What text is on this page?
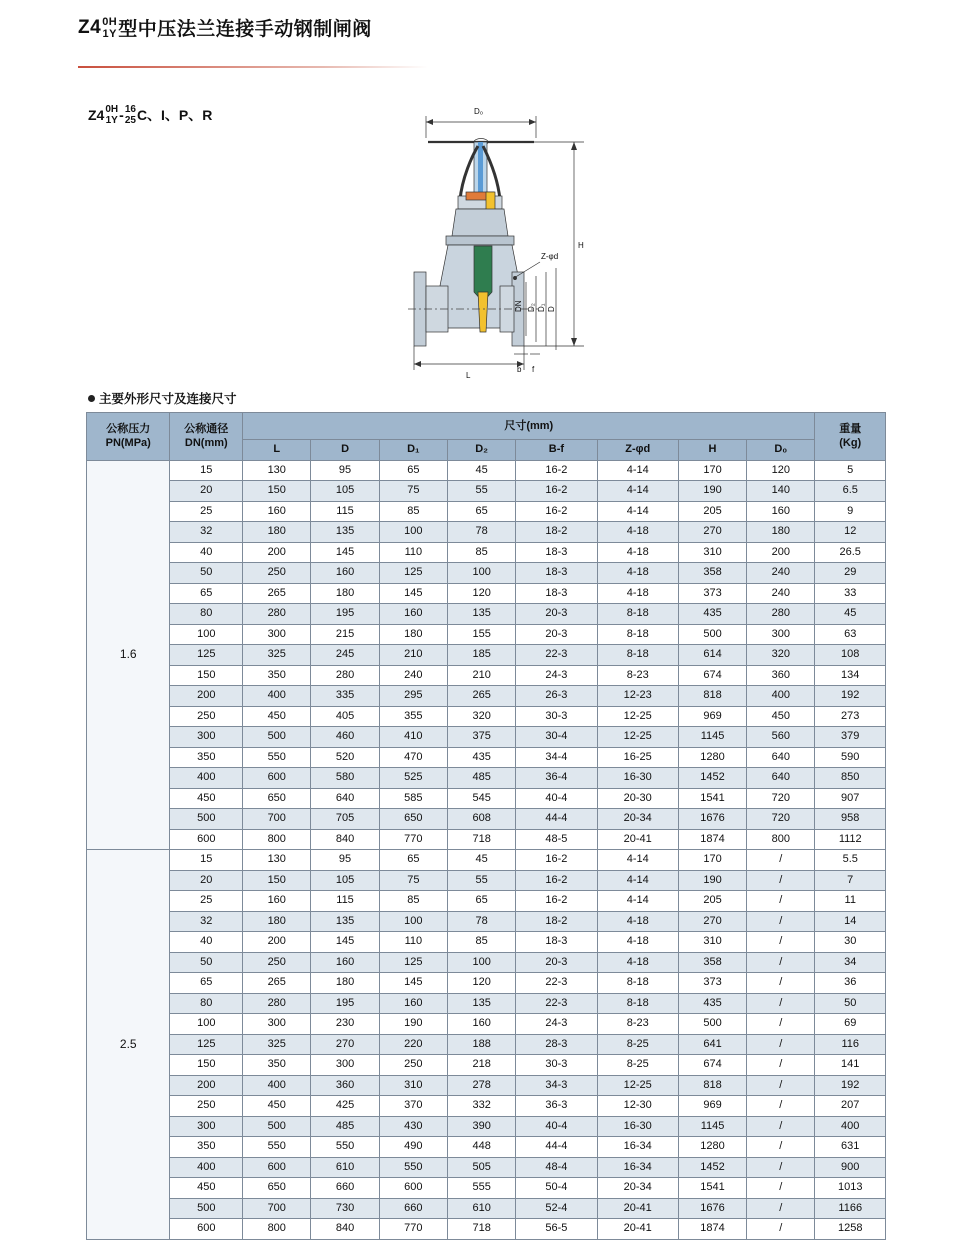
Z4 0H
1Y 型中压法兰连接手动钢制闸阀
Z4 0H
1Y - 16
25 C、I、P、R	D₀
H
Z-φd
DN D₂ D₁ D
L
b f
主要外形尺寸及连接尺寸
公称压力
PN(MPa)

公称通径
DN(mm)
	尺寸(mm)	重量
(Kg)

		L	D	D₁	D₂	B-f	Z-φd	H	D₀	
1.6	15	130	95	65	45	16-2	4-14	170	120	5
	20	150	105	75	55	16-2	4-14	190	140	6.5
	25	160	115	85	65	16-2	4-14	205	160	9
	32	180	135	100	78	18-2	4-18	270	180	12
	40	200	145	110	85	18-3	4-18	310	200	26.5
	50	250	160	125	100	18-3	4-18	358	240	29
	65	265	180	145	120	18-3	4-18	373	240	33
	80	280	195	160	135	20-3	8-18	435	280	45
	100	300	215	180	155	20-3	8-18	500	300	63
	125	325	245	210	185	22-3	8-18	614	320	108
	150	350	280	240	210	24-3	8-23	674	360	134
	200	400	335	295	265	26-3	12-23	818	400	192
	250	450	405	355	320	30-3	12-25	969	450	273
	300	500	460	410	375	30-4	12-25	1145	560	379
	350	550	520	470	435	34-4	16-25	1280	640	590
	400	600	580	525	485	36-4	16-30	1452	640	850
	450	650	640	585	545	40-4	20-30	1541	720	907
	500	700	705	650	608	44-4	20-34	1676	720	958
	600	800	840	770	718	48-5	20-41	1874	800	1112
2.5	15	130	95	65	45	16-2	4-14	170	/	5.5
	20	150	105	75	55	16-2	4-14	190	/	7
	25	160	115	85	65	16-2	4-14	205	/	11
	32	180	135	100	78	18-2	4-18	270	/	14
	40	200	145	110	85	18-3	4-18	310	/	30
	50	250	160	125	100	20-3	4-18	358	/	34
	65	265	180	145	120	22-3	8-18	373	/	36
	80	280	195	160	135	22-3	8-18	435	/	50
	100	300	230	190	160	24-3	8-23	500	/	69
	125	325	270	220	188	28-3	8-25	641	/	116
	150	350	300	250	218	30-3	8-25	674	/	141
	200	400	360	310	278	34-3	12-25	818	/	192
	250	450	425	370	332	36-3	12-30	969	/	207
	300	500	485	430	390	40-4	16-30	1145	/	400
	350	550	550	490	448	44-4	16-34	1280	/	631
	400	600	610	550	505	48-4	16-34	1452	/	900
	450	650	660	600	555	50-4	20-34	1541	/	1013
	500	700	730	660	610	52-4	20-41	1676	/	1166
	600	800	840	770	718	56-5	20-41	1874	/	1258
